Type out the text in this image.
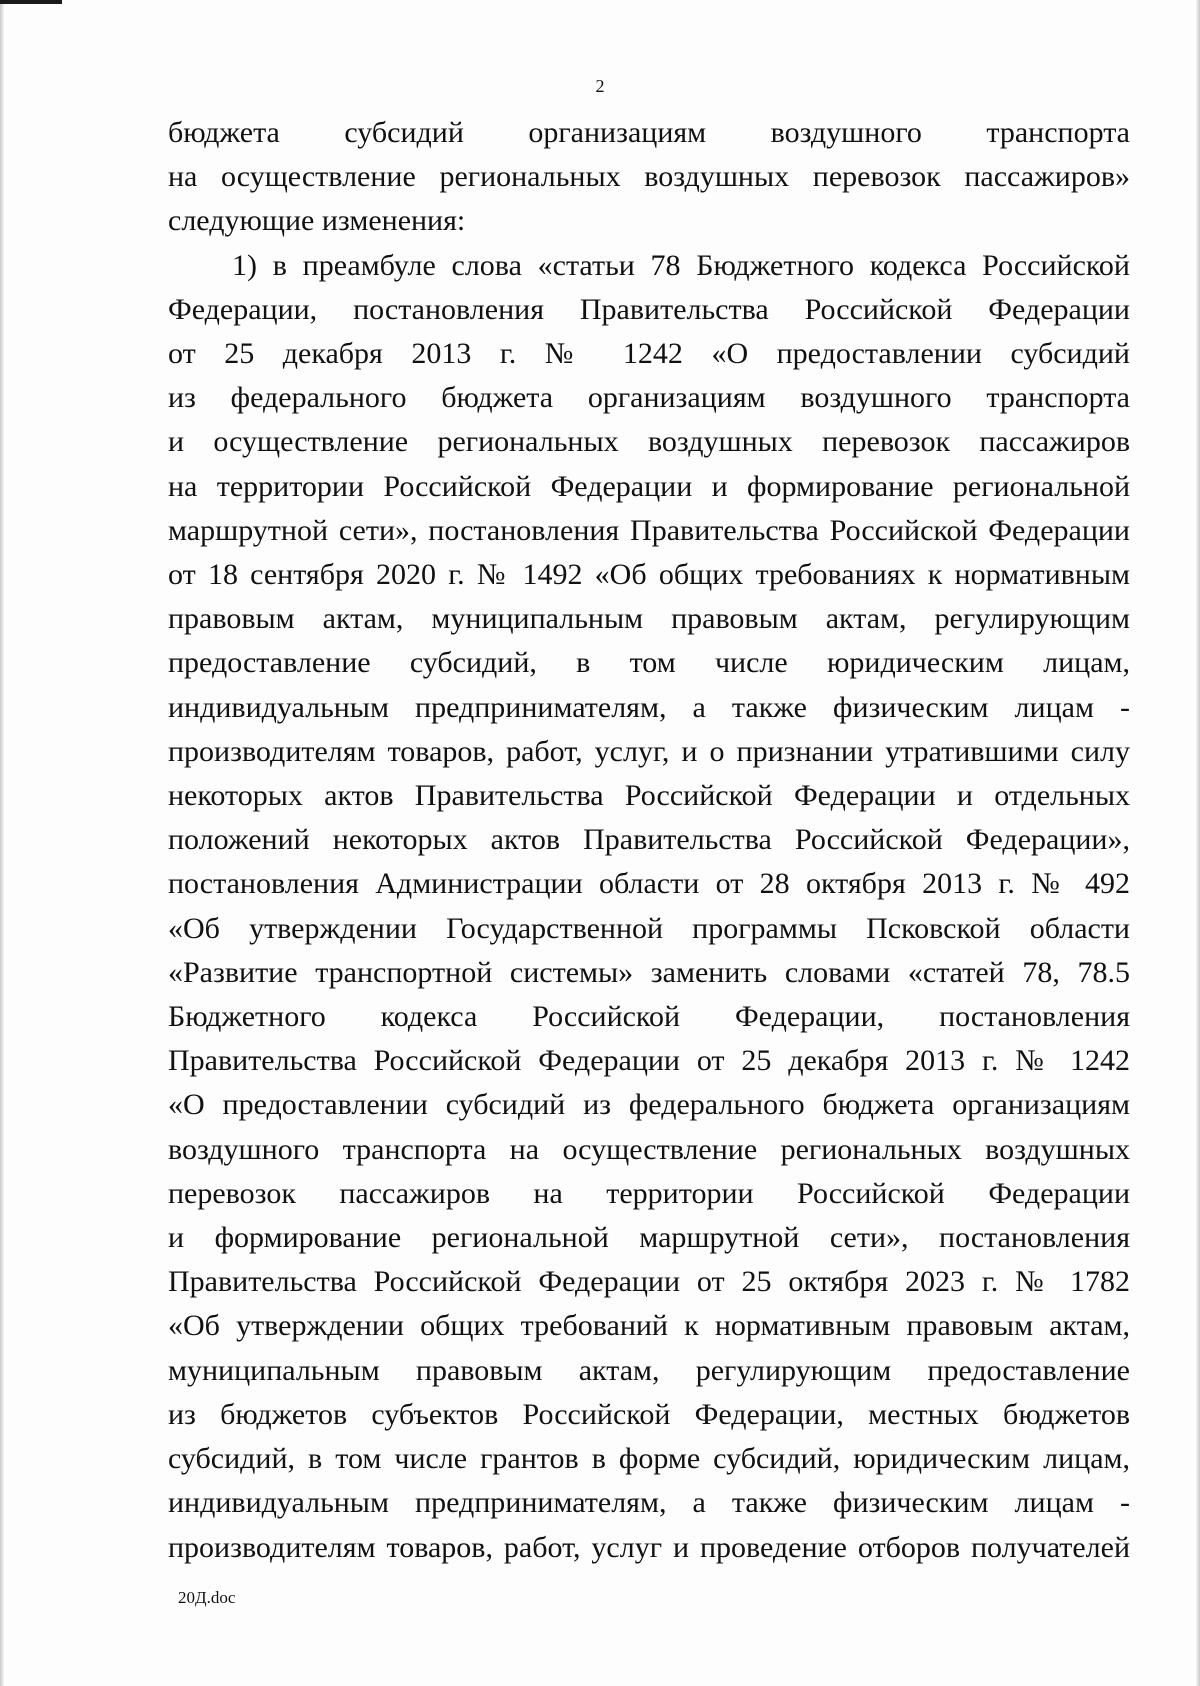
2
бюджета субсидий организациям воздушного транспорта
на осуществление региональных воздушных перевозок пассажиров»
следующие изменения:
1) в преамбуле слова «статьи 78 Бюджетного кодекса Российской
Федерации, постановления Правительства Российской Федерации
от 25 декабря 2013 г. № 1242 «О предоставлении субсидий
из федерального бюджета организациям воздушного транспорта
и осуществление региональных воздушных перевозок пассажиров
на территории Российской Федерации и формирование региональной
маршрутной сети», постановления Правительства Российской Федерации
от 18 сентября 2020 г. № 1492 «Об общих требованиях к нормативным
правовым актам, муниципальным правовым актам, регулирующим
предоставление субсидий, в том числе юридическим лицам,
индивидуальным предпринимателям, а также физическим лицам -
производителям товаров, работ, услуг, и о признании утратившими силу
некоторых актов Правительства Российской Федерации и отдельных
положений некоторых актов Правительства Российской Федерации»,
постановления Администрации области от 28 октября 2013 г. № 492
«Об утверждении Государственной программы Псковской области
«Развитие транспортной системы» заменить словами «статей 78, 78.5
Бюджетного кодекса Российской Федерации, постановления
Правительства Российской Федерации от 25 декабря 2013 г. № 1242
«О предоставлении субсидий из федерального бюджета организациям
воздушного транспорта на осуществление региональных воздушных
перевозок пассажиров на территории Российской Федерации
и формирование региональной маршрутной сети», постановления
Правительства Российской Федерации от 25 октября 2023 г. № 1782
«Об утверждении общих требований к нормативным правовым актам,
муниципальным правовым актам, регулирующим предоставление
из бюджетов субъектов Российской Федерации, местных бюджетов
субсидий, в том числе грантов в форме субсидий, юридическим лицам,
индивидуальным предпринимателям, а также физическим лицам -
производителям товаров, работ, услуг и проведение отборов получателей
20Д.doc
